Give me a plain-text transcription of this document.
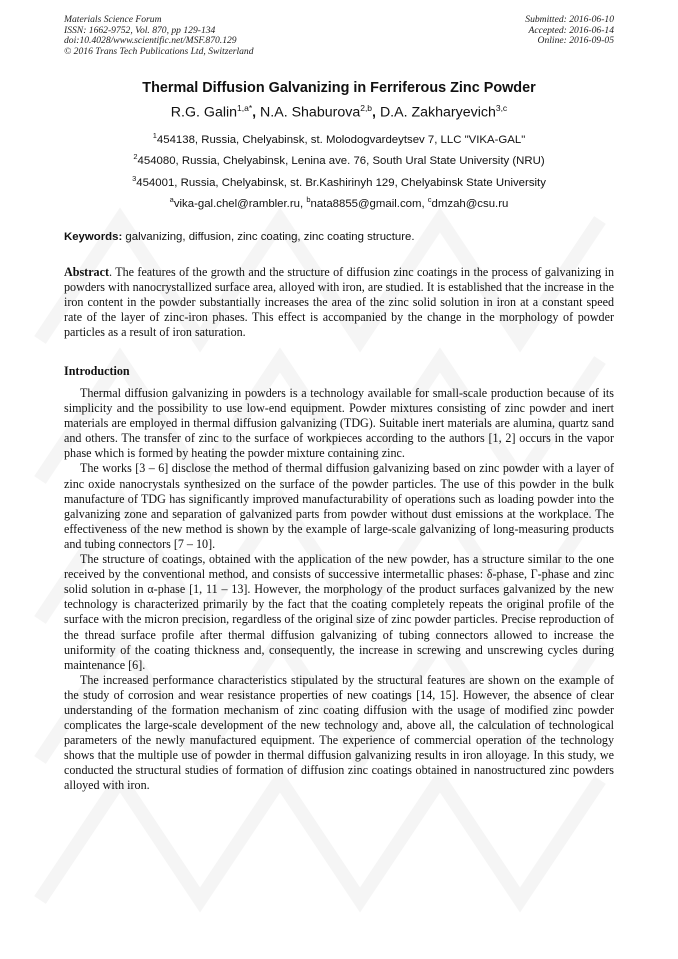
Materials Science Forum
ISSN: 1662-9752, Vol. 870, pp 129-134
doi:10.4028/www.scientific.net/MSF.870.129
© 2016 Trans Tech Publications Ltd, Switzerland
Submitted: 2016-06-10
Accepted: 2016-06-14
Online: 2016-09-05
Thermal Diffusion Galvanizing in Ferriferous Zinc Powder
R.G. Galin$^{1,a*}$, N.A. Shaburova$^{2,b}$, D.A. Zakharyevich$^{3,c}$
$^1$454138, Russia, Chelyabinsk, st. Molodogvardeytsev 7, LLC "VIKA-GAL"
$^2$454080, Russia, Chelyabinsk, Lenina ave. 76, South Ural State University (NRU)
$^3$454001, Russia, Chelyabinsk, st. Br.Kashirinyh 129, Chelyabinsk State University
$^a$vika-gal.chel@rambler.ru, $^b$nata8855@gmail.com, $^c$dmzah@csu.ru
Keywords: galvanizing, diffusion, zinc coating, zinc coating structure.
Abstract. The features of the growth and the structure of diffusion zinc coatings in the process of galvanizing in powders with nanocrystallized surface area, alloyed with iron, are studied. It is established that the increase in the iron content in the powder substantially increases the area of the zinc solid solution in iron at a constant speed rate of the layer of zinc-iron phases. This effect is accompanied by the change in the morphology of powder particles as a result of iron saturation.
Introduction

Thermal diffusion galvanizing in powders is a technology available for small-scale production because of its simplicity and the possibility to use low-end equipment. Powder mixtures consisting of zinc powder and inert materials are employed in thermal diffusion galvanizing (TDG). Suitable inert materials are alumina, quartz sand and others. The transfer of zinc to the surface of workpieces according to the authors [1, 2] occurs in the vapor phase which is formed by heating the powder mixture containing zinc.

The works [3 – 6] disclose the method of thermal diffusion galvanizing based on zinc powder with a layer of zinc oxide nanocrystals synthesized on the surface of the powder particles. The use of this powder in the bulk manufacture of TDG has significantly improved manufacturability of operations such as loading powder into the galvanizing zone and separation of galvanized parts from powder without dust emissions at the workplace. The effectiveness of the new method is shown by the example of large-scale galvanizing of long-measuring products and tubing connectors [7 – 10].

The structure of coatings, obtained with the application of the new powder, has a structure similar to the one received by the conventional method, and consists of successive intermetallic phases: δ-phase, Γ-phase and zinc solid solution in α-phase [1, 11 – 13]. However, the morphology of the product surfaces galvanized by the new technology is characterized primarily by the fact that the coating completely repeats the original profile of the surface with the micron precision, regardless of the original size of zinc powder particles. Precise reproduction of the thread surface profile after thermal diffusion galvanizing of tubing connectors allowed to increase the uniformity of the coating thickness and, consequently, the increase in screwing and unscrewing cycles during maintenance [6].

The increased performance characteristics stipulated by the structural features are shown on the example of the study of corrosion and wear resistance properties of new coatings [14, 15]. However, the absence of clear understanding of the formation mechanism of zinc coating diffusion with the usage of modified zinc powder complicates the large-scale development of the new technology and, above all, the calculation of technological parameters of the newly manufactured equipment. The experience of commercial operation of the technology shows that the multiple use of powder in thermal diffusion galvanizing results in iron alloyage. In this study, we conducted the structural studies of formation of diffusion zinc coatings obtained in nanostructured zinc powders alloyed with iron.
